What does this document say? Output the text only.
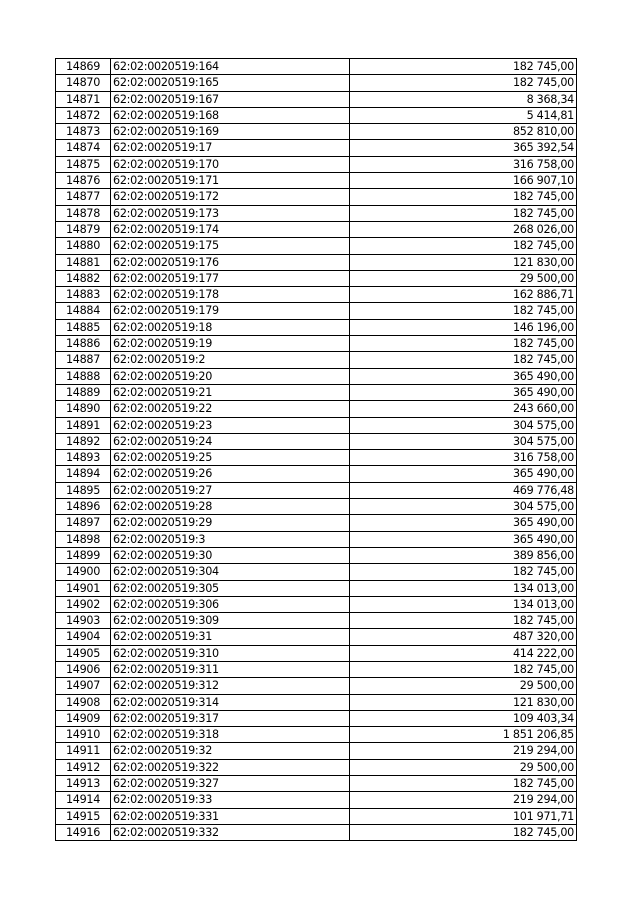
14869	62:02:0020519:164	182 745,00
14870	62:02:0020519:165	182 745,00
14871	62:02:0020519:167	8 368,34
14872	62:02:0020519:168	5 414,81
14873	62:02:0020519:169	852 810,00
14874	62:02:0020519:17	365 392,54
14875	62:02:0020519:170	316 758,00
14876	62:02:0020519:171	166 907,10
14877	62:02:0020519:172	182 745,00
14878	62:02:0020519:173	182 745,00
14879	62:02:0020519:174	268 026,00
14880	62:02:0020519:175	182 745,00
14881	62:02:0020519:176	121 830,00
14882	62:02:0020519:177	29 500,00
14883	62:02:0020519:178	162 886,71
14884	62:02:0020519:179	182 745,00
14885	62:02:0020519:18	146 196,00
14886	62:02:0020519:19	182 745,00
14887	62:02:0020519:2	182 745,00
14888	62:02:0020519:20	365 490,00
14889	62:02:0020519:21	365 490,00
14890	62:02:0020519:22	243 660,00
14891	62:02:0020519:23	304 575,00
14892	62:02:0020519:24	304 575,00
14893	62:02:0020519:25	316 758,00
14894	62:02:0020519:26	365 490,00
14895	62:02:0020519:27	469 776,48
14896	62:02:0020519:28	304 575,00
14897	62:02:0020519:29	365 490,00
14898	62:02:0020519:3	365 490,00
14899	62:02:0020519:30	389 856,00
14900	62:02:0020519:304	182 745,00
14901	62:02:0020519:305	134 013,00
14902	62:02:0020519:306	134 013,00
14903	62:02:0020519:309	182 745,00
14904	62:02:0020519:31	487 320,00
14905	62:02:0020519:310	414 222,00
14906	62:02:0020519:311	182 745,00
14907	62:02:0020519:312	29 500,00
14908	62:02:0020519:314	121 830,00
14909	62:02:0020519:317	109 403,34
14910	62:02:0020519:318	1 851 206,85
14911	62:02:0020519:32	219 294,00
14912	62:02:0020519:322	29 500,00
14913	62:02:0020519:327	182 745,00
14914	62:02:0020519:33	219 294,00
14915	62:02:0020519:331	101 971,71
14916	62:02:0020519:332	182 745,00
